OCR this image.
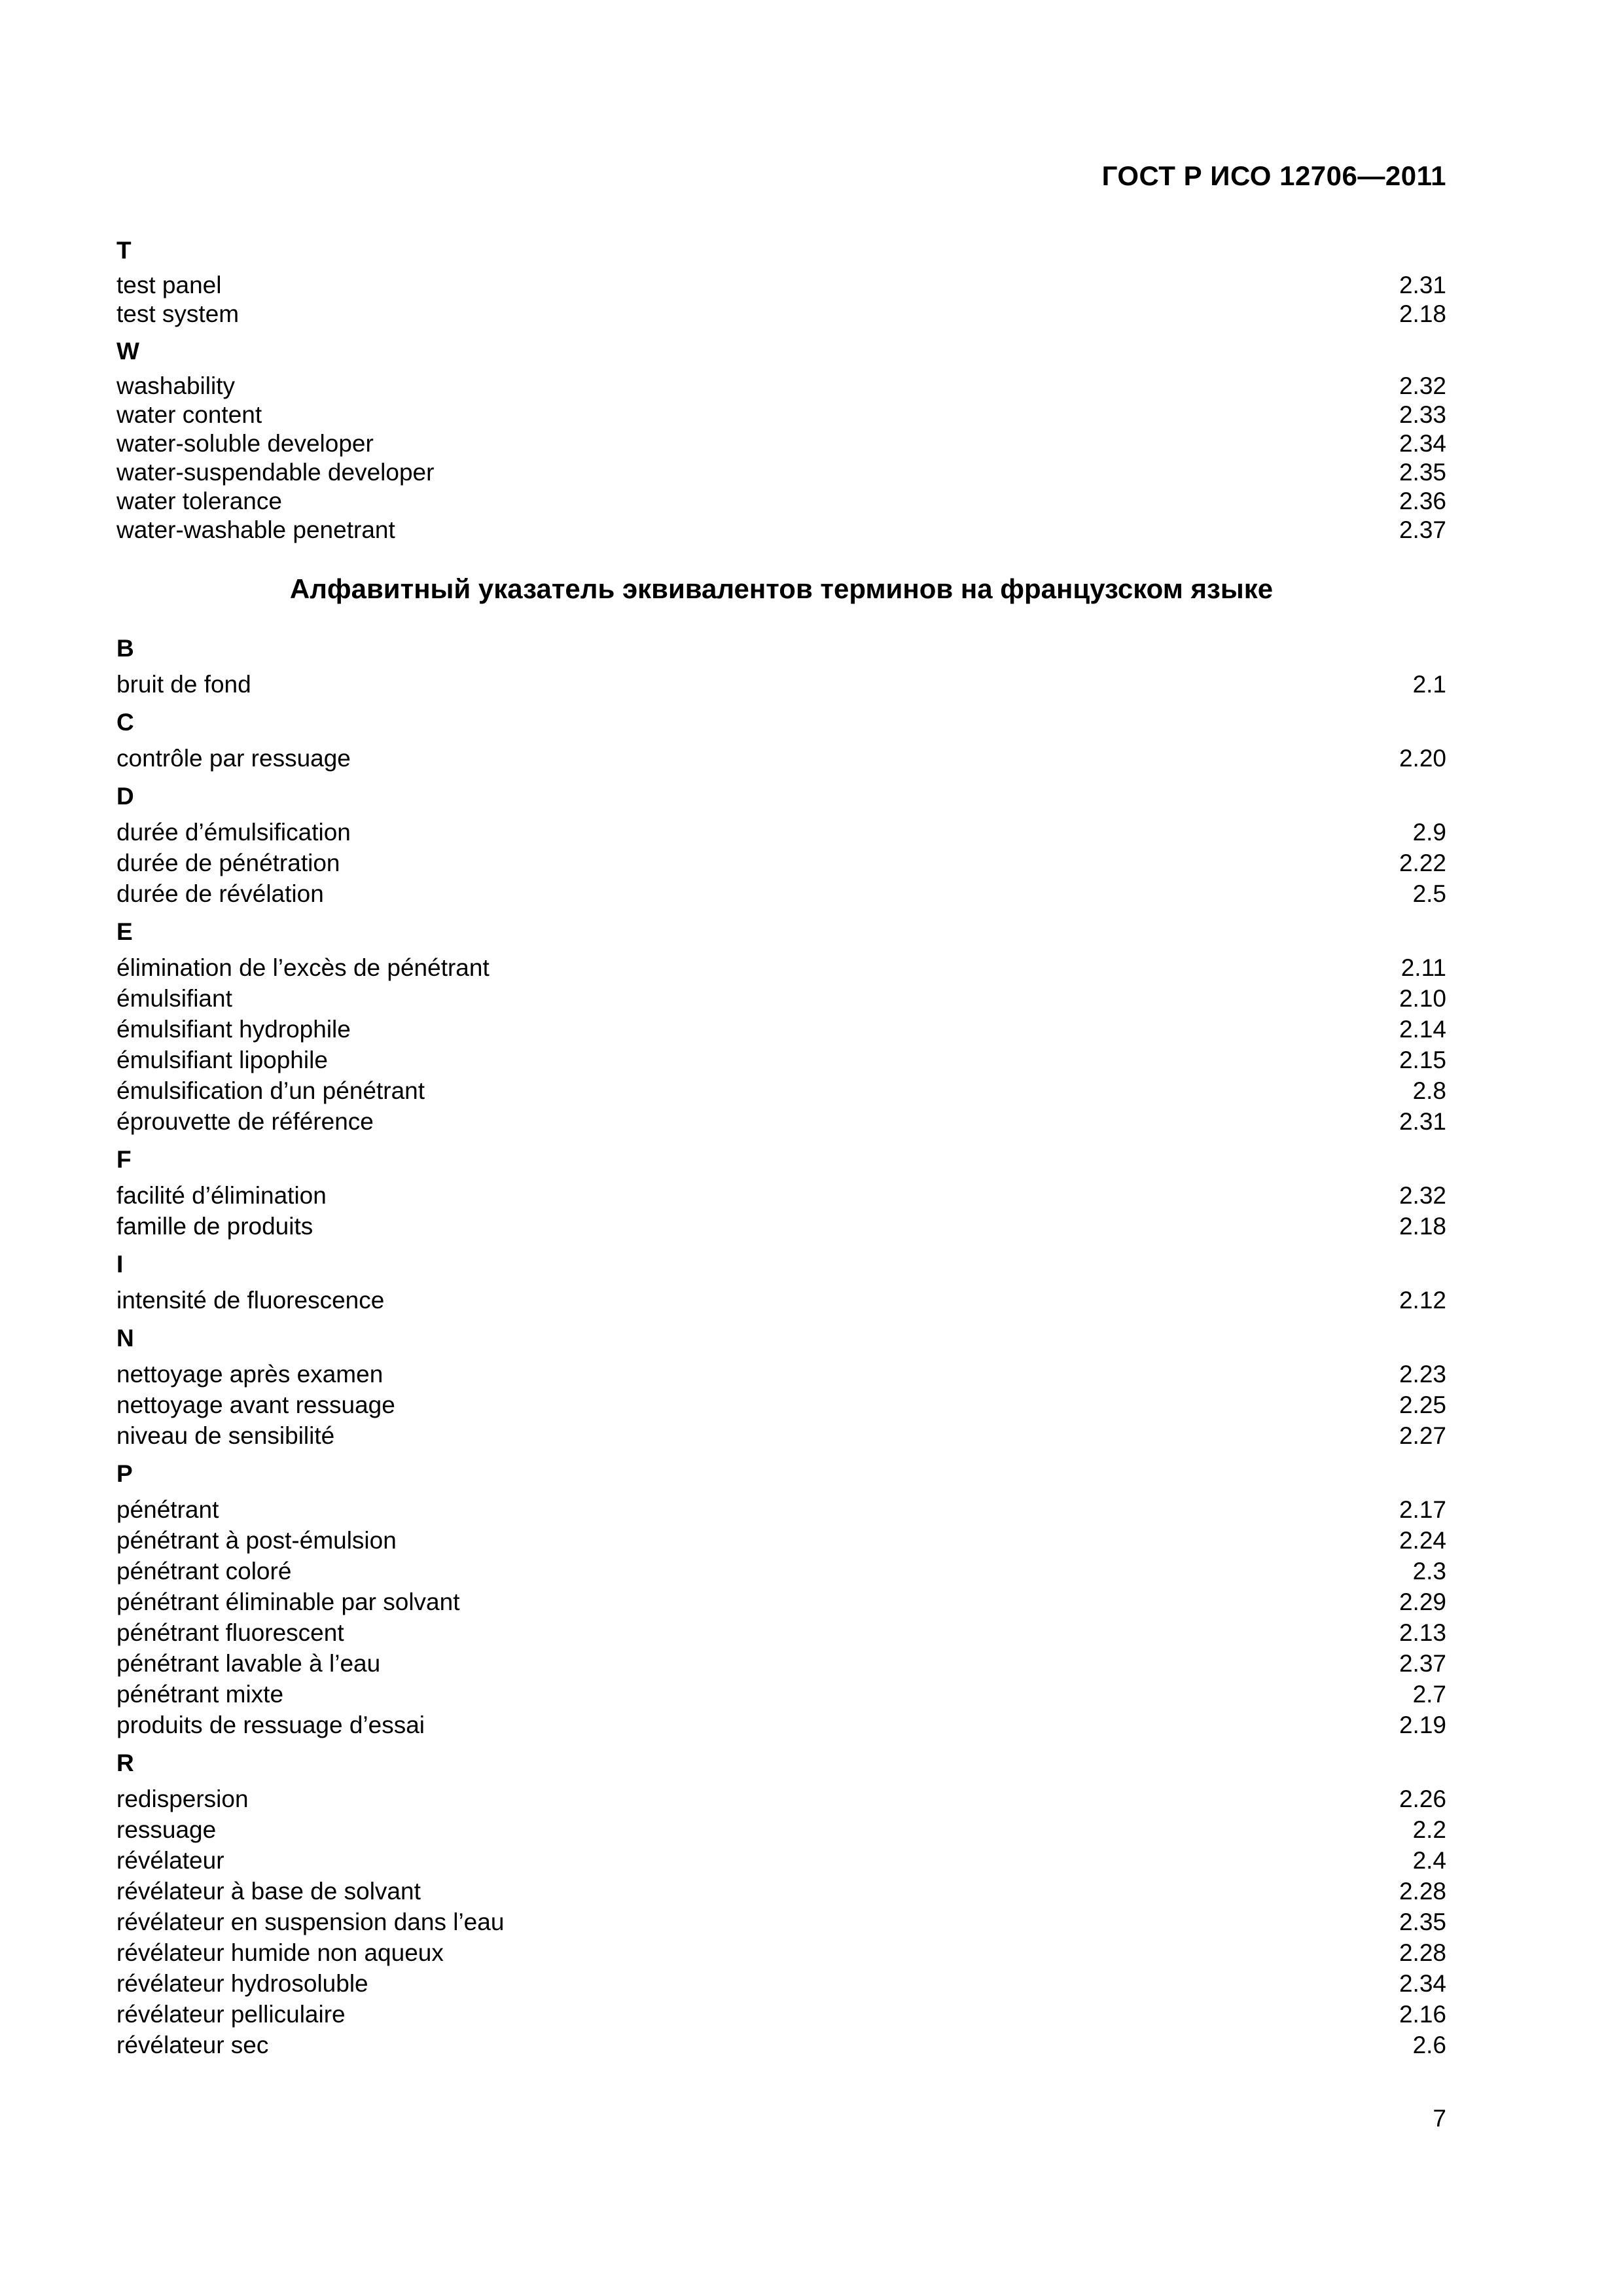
ГОСТ Р ИСО 12706—2011
T
test panel	2.31
test system	2.18
W
washability	2.32
water content	2.33
water-soluble developer	2.34
water-suspendable developer	2.35
water tolerance	2.36
water-washable penetrant	2.37
Алфавитный указатель эквивалентов терминов на французском языке
B
bruit de fond	2.1
C
contrôle par ressuage	2.20
D
durée d’émulsification	2.9
durée de pénétration	2.22
durée de révélation	2.5
E
élimination de l’excès de pénétrant	2.11
émulsifiant	2.10
émulsifiant hydrophile	2.14
émulsifiant lipophile	2.15
émulsification d’un pénétrant	2.8
éprouvette de référence	2.31
F
facilité d’élimination	2.32
famille de produits	2.18
I
intensité de fluorescence	2.12
N
nettoyage après examen	2.23
nettoyage avant ressuage	2.25
niveau de sensibilité	2.27
P
pénétrant	2.17
pénétrant à post-émulsion	2.24
pénétrant coloré	2.3
pénétrant éliminable par solvant	2.29
pénétrant fluorescent	2.13
pénétrant lavable à l’eau	2.37
pénétrant mixte	2.7
produits de ressuage d’essai	2.19
R
redispersion	2.26
ressuage	2.2
révélateur	2.4
révélateur à base de solvant	2.28
révélateur en suspension dans l’eau	2.35
révélateur humide non aqueux	2.28
révélateur hydrosoluble	2.34
révélateur pelliculaire	2.16
révélateur sec	2.6
7
